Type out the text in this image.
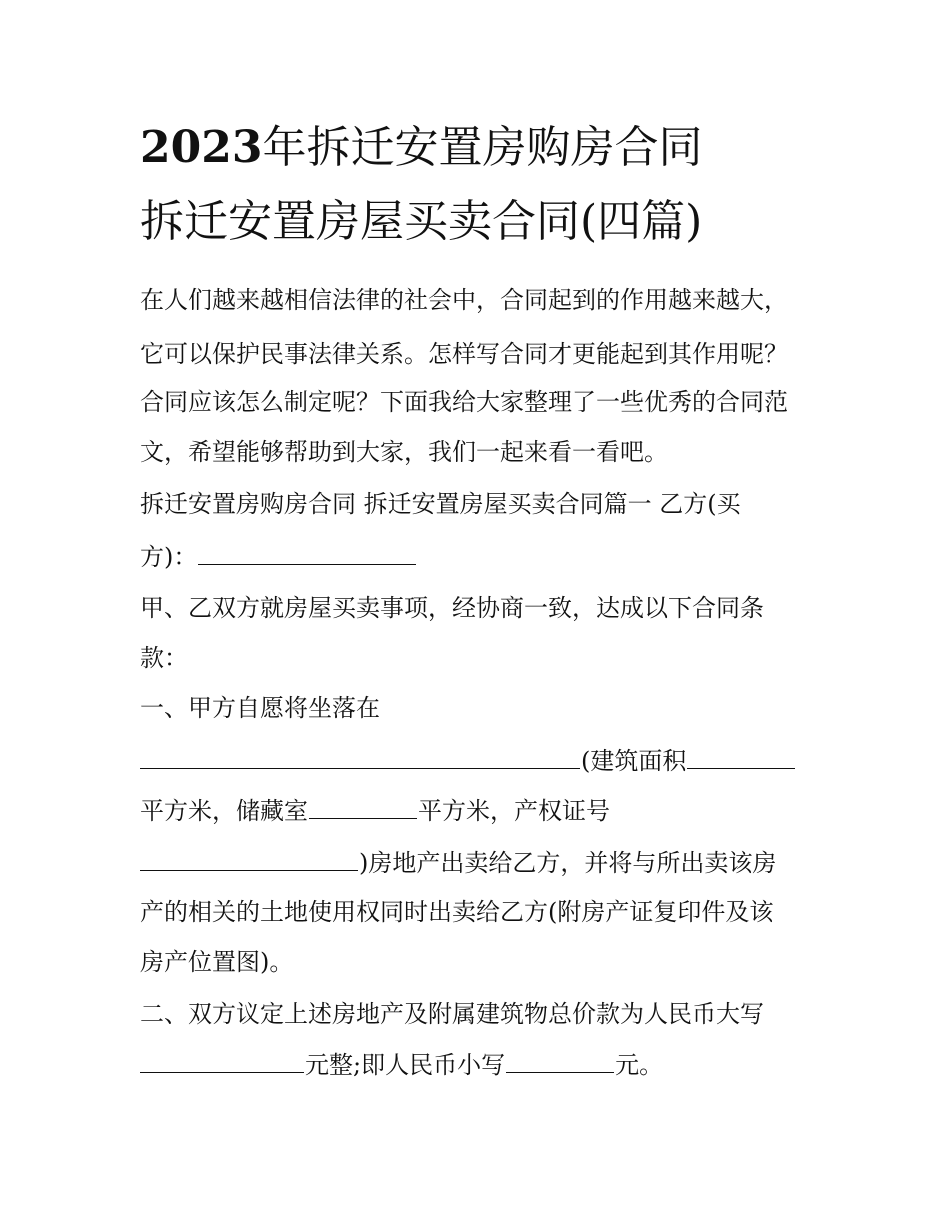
2023年拆迁安置房购房合同
拆迁安置房屋买卖合同(四篇)

在人们越来越相信法律的社会中，合同起到的作用越来越大，

它可以保护民事法律关系。怎样写合同才更能起到其作用呢？

合同应该怎么制定呢？下面我给大家整理了一些优秀的合同范

文，希望能够帮助到大家，我们一起来看一看吧。

拆迁安置房购房合同 拆迁安置房屋买卖合同篇一 乙方(买

方)：

甲、乙双方就房屋买卖事项，经协商一致，达成以下合同条

款：

一、甲方自愿将坐落在

(建筑面积

平方米，储藏室	平方米，产权证号

)房地产出卖给乙方，并将与所出卖该房

产的相关的土地使用权同时出卖给乙方(附房产证复印件及该

房产位置图)。

二、双方议定上述房地产及附属建筑物总价款为人民币大写

元整;即人民币小写	元。
